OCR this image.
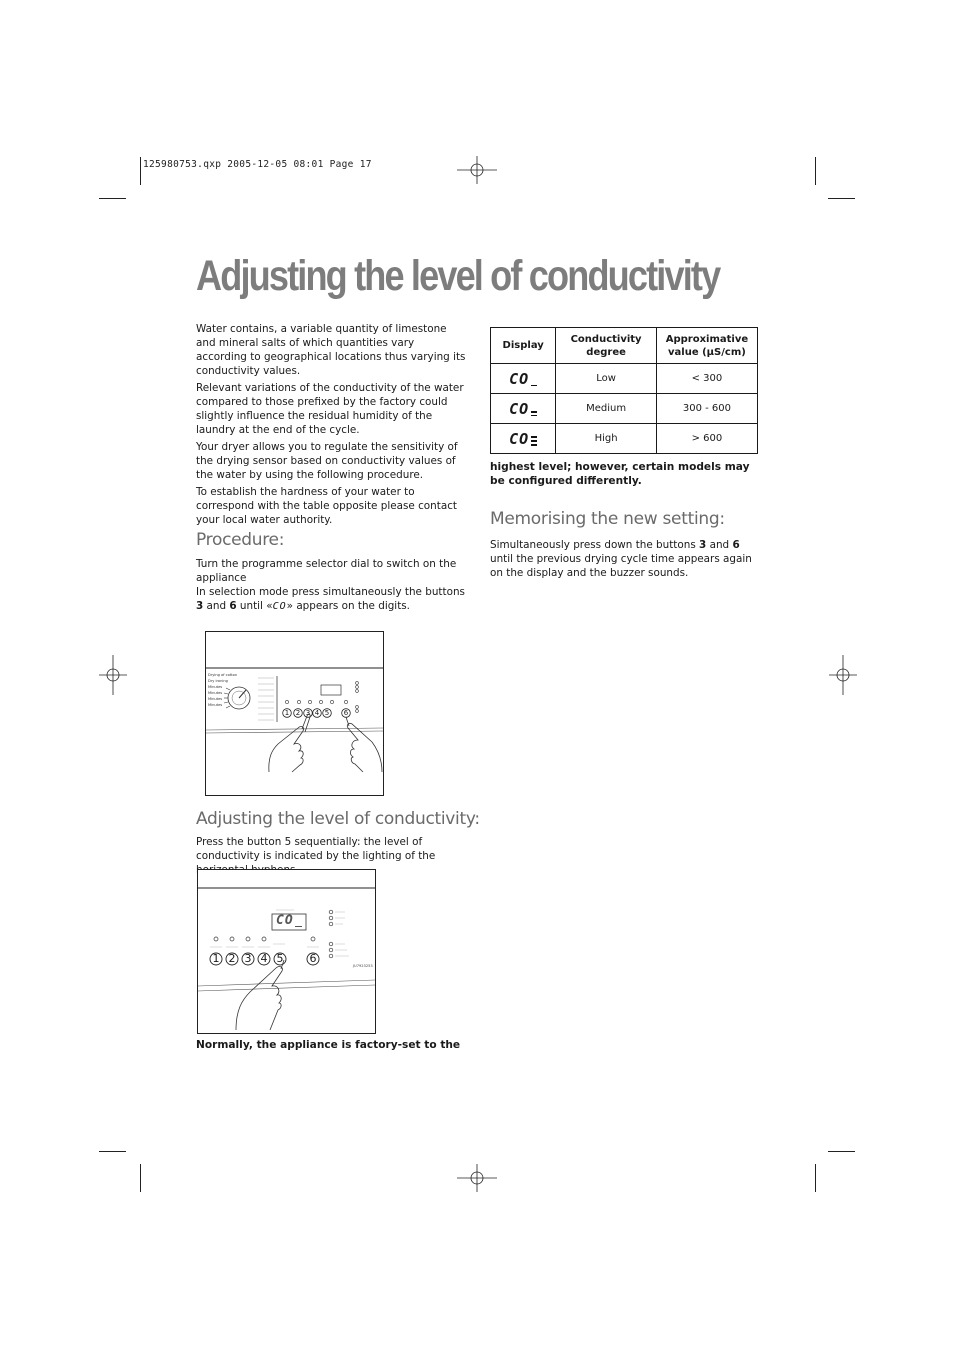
125980753.qxp 2005-12-05 08:01 Page 17
Adjusting the level of conductivity

Water contains, a variable quantity of limestone and mineral salts of which quantities vary according to geographical locations thus varying its conductivity values.

Relevant variations of the conductivity of the water compared to those prefixed by the factory could slightly influence the residual humidity of the laundry at the end of the cycle.

Your dryer allows you to regulate the sensitivity of the drying sensor based on conductivity values of the water by using the following procedure.

To establish the hardness of your water to correspond with the table opposite please contact your local water authority.

Procedure:
Turn the programme selector dial to switch on the appliance
In selection mode press simultaneously the buttons 3 and 6 until «CO» appears on the digits.
Drying of cotton
Dry ironing
Minutes
Minutes
Minutes
Minutes
1 2 3 4 5 6
Adjusting the level of conductivity:
Press the button 5 sequentially: the level of conductivity is indicated by the lighting of the
CO
1 2 3 4 5 6
JU7923253
Normally, the appliance is factory-set to the
Display	Conductivity degree	Approximative value (µS/cm)
CO	Low	< 300
CO	Medium	300 - 600
CO	High	> 600
highest level; however, certain models may be configured differently.
Memorising the new setting:
Simultaneously press down the buttons 3 and 6 until the previous drying cycle time appears again on the display and the buzzer sounds.
